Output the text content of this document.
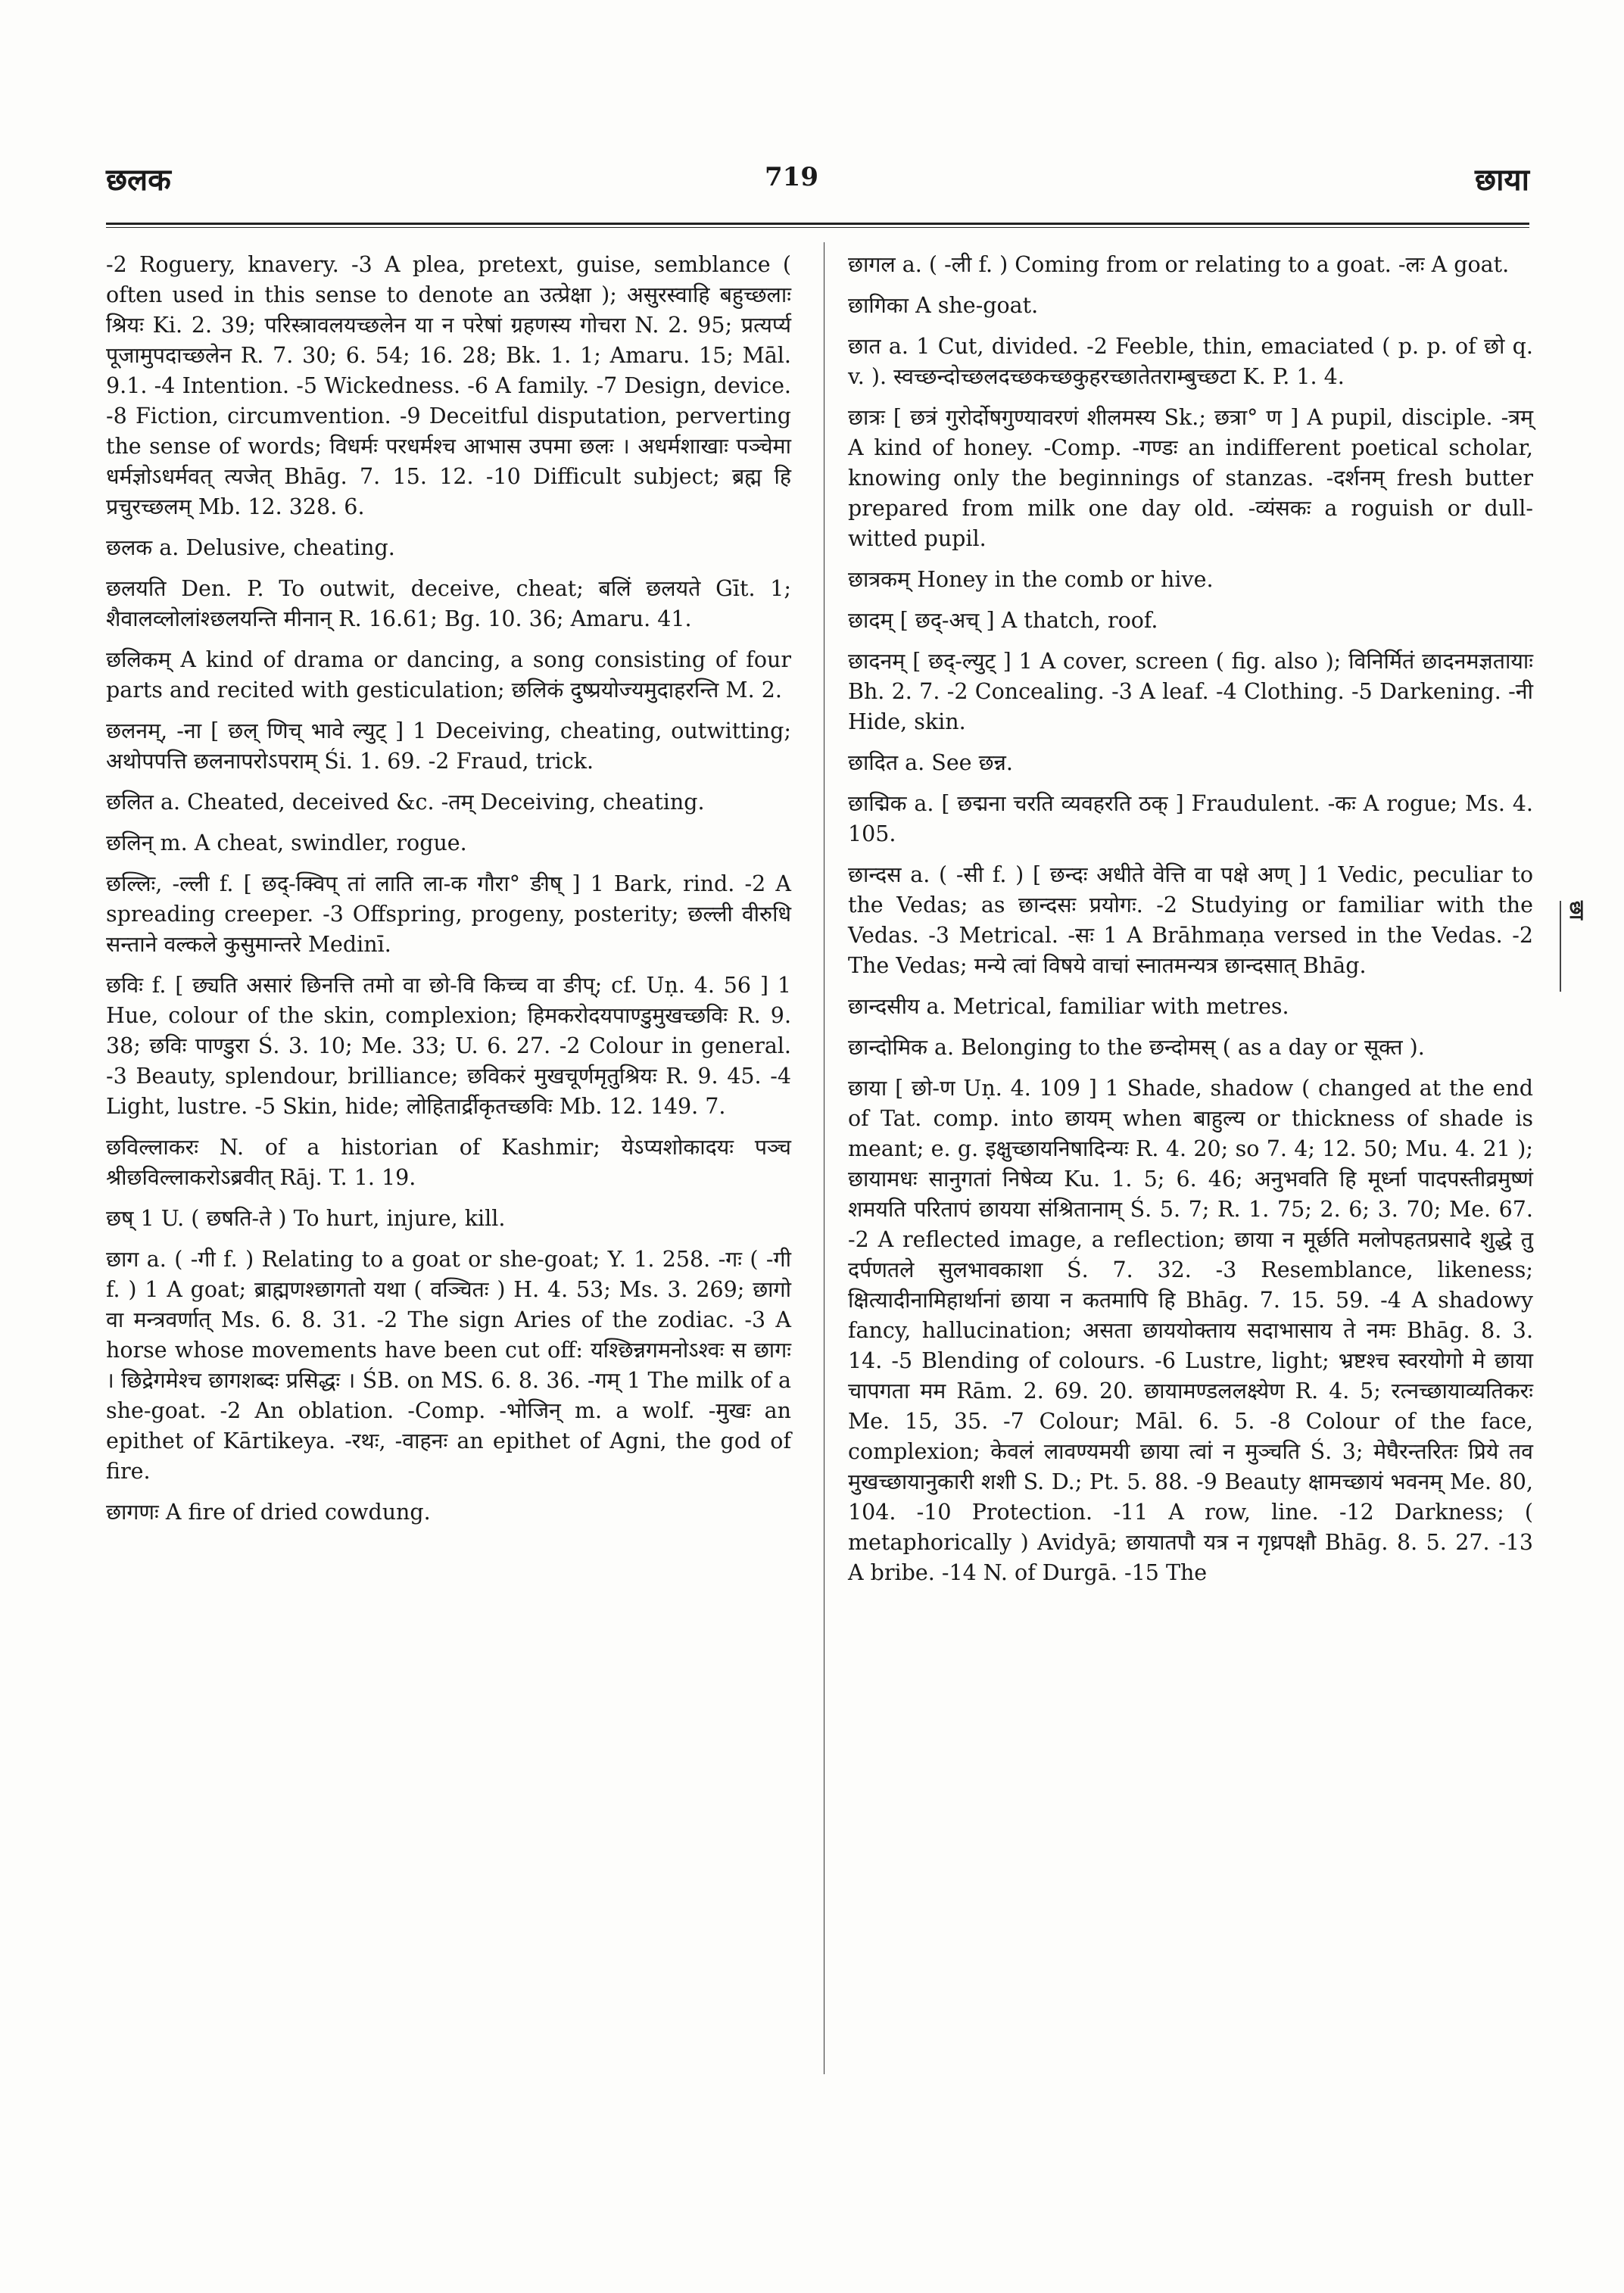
छलक	719	छाया

-2 Roguery, knavery. -3 A plea, pretext, guise, semblance ( often used in this sense to denote an उत्प्रेक्षा ); असुरस्वाहि बहुच्छलाः श्रियः Ki. 2. 39; परिस्त्रावलयच्छलेन या न परेषां ग्रहणस्य गोचरा N. 2. 95; प्रत्यर्प्य पूजामुपदाच्छलेन R. 7. 30; 6. 54; 16. 28; Bk. 1. 1; Amaru. 15; Māl. 9.1. -4 Intention. -5 Wickedness. -6 A family. -7 Design, device. -8 Fiction, circumvention. -9 Deceitful disputation, perverting the sense of words; विधर्मः परधर्मश्च आभास उपमा छलः । अधर्मशाखाः पञ्चेमा धर्मज्ञोऽधर्मवत् त्यजेत् Bhāg. 7. 15. 12. -10 Difficult subject; ब्रह्म हि प्रचुरच्छलम् Mb. 12. 328. 6.

छलक a. Delusive, cheating.

छलयति Den. P. To outwit, deceive, cheat; बलिं छलयते Gīt. 1; शैवालव्लोलांश्छलयन्ति मीनान् R. 16.61; Bg. 10. 36; Amaru. 41.

छलिकम् A kind of drama or dancing, a song consisting of four parts and recited with gesticulation; छलिकं दुष्प्रयोज्यमुदाहरन्ति M. 2.

छलनम्, -ना [ छल् णिच् भावे ल्युट् ] 1 Deceiving, cheating, outwitting; अथोपपत्ति छलनापरोऽपराम् Śi. 1. 69. -2 Fraud, trick.

छलित a. Cheated, deceived &c. -तम् Deceiving, cheating.

छलिन् m. A cheat, swindler, rogue.

छल्लिः, -ल्ली f. [ छद्-क्विप् तां लाति ला-क गौरा° ङीष् ] 1 Bark, rind. -2 A spreading creeper. -3 Offspring, progeny, posterity; छल्ली वीरुधि सन्ताने वल्कले कुसुमान्तरे Medinī.

छविः f. [ छ्यति असारं छिनत्ति तमो वा छो-वि किच्च वा ङीप्; cf. Uṇ. 4. 56 ] 1 Hue, colour of the skin, complexion; हिमकरोदयपाण्डुमुखच्छविः R. 9. 38; छविः पाण्डुरा Ś. 3. 10; Me. 33; U. 6. 27. -2 Colour in general. -3 Beauty, splendour, brilliance; छविकरं मुखचूर्णमृतुश्रियः R. 9. 45. -4 Light, lustre. -5 Skin, hide; लोहितार्द्रीकृतच्छविः Mb. 12. 149. 7.

छविल्लाकरः N. of a historian of Kashmir; येऽप्यशोकादयः पञ्च श्रीछविल्लाकरोऽब्रवीत् Rāj. T. 1. 19.

छष् 1 U. ( छषति-ते ) To hurt, injure, kill.

छाग a. ( -गी f. ) Relating to a goat or she-goat; Y. 1. 258. -गः ( -गी f. ) 1 A goat; ब्राह्मणश्छागतो यथा ( वञ्चितः ) H. 4. 53; Ms. 3. 269; छागो वा मन्त्रवर्णात् Ms. 6. 8. 31. -2 The sign Aries of the zodiac. -3 A horse whose movements have been cut off: यश्छिन्नगमनोऽश्वः स छागः । छिद्रेगमेश्च छागशब्दः प्रसिद्धः । ŚB. on MS. 6. 8. 36. -गम् 1 The milk of a she-goat. -2 An oblation. -Comp. -भोजिन् m. a wolf. -मुखः an epithet of Kārtikeya. -रथः, -वाहनः an epithet of Agni, the god of fire.

छागणः A fire of dried cowdung.

छागल a. ( -ली f. ) Coming from or relating to a goat. -लः A goat.

छागिका A she-goat.

छात a. 1 Cut, divided. -2 Feeble, thin, emaciated ( p. p. of छो q. v. ). स्वच्छन्दोच्छलदच्छकच्छकुहरच्छातेतराम्बुच्छटा K. P. 1. 4.

छात्रः [ छत्रं गुरोर्दोषगुण्यावरणं शीलमस्य Sk.; छत्रा° ण ] A pupil, disciple. -त्रम् A kind of honey. -Comp. -गण्डः an indifferent poetical scholar, knowing only the beginnings of stanzas. -दर्शनम् fresh butter prepared from milk one day old. -व्यंसकः a roguish or dull-witted pupil.

छात्रकम् Honey in the comb or hive.

छादम् [ छद्-अच् ] A thatch, roof.

छादनम् [ छद्-ल्युट् ] 1 A cover, screen ( fig. also ); विनिर्मितं छादनमज्ञतायाः Bh. 2. 7. -2 Concealing. -3 A leaf. -4 Clothing. -5 Darkening. -नी Hide, skin.

छादित a. See छन्न.

छाद्मिक a. [ छद्मना चरति व्यवहरति ठक् ] Fraudulent. -कः A rogue; Ms. 4. 105.

छान्दस a. ( -सी f. ) [ छन्दः अधीते वेत्ति वा पक्षे अण् ] 1 Vedic, peculiar to the Vedas; as छान्दसः प्रयोगः. -2 Studying or familiar with the Vedas. -3 Metrical. -सः 1 A Brāhmaṇa versed in the Vedas. -2 The Vedas; मन्ये त्वां विषये वाचां स्नातमन्यत्र छान्दसात् Bhāg.

छान्दसीय a. Metrical, familiar with metres.

छान्दोमिक a. Belonging to the छन्दोमस् ( as a day or सूक्त ).

छाया [ छो-ण Uṇ. 4. 109 ] 1 Shade, shadow ( changed at the end of Tat. comp. into छायम् when बाहुल्य or thickness of shade is meant; e. g. इक्षुच्छायनिषादिन्यः R. 4. 20; so 7. 4; 12. 50; Mu. 4. 21 ); छायामधः सानुगतां निषेव्य Ku. 1. 5; 6. 46; अनुभवति हि मूर्ध्ना पादपस्तीव्रमुष्णं शमयति परितापं छायया संश्रितानाम् Ś. 5. 7; R. 1. 75; 2. 6; 3. 70; Me. 67. -2 A reflected image, a reflection; छाया न मूर्छति मलोपहतप्रसादे शुद्धे तु दर्पणतले सुलभावकाशा Ś. 7. 32. -3 Resemblance, likeness; क्षित्यादीनामिहार्थानां छाया न कतमापि हि Bhāg. 7. 15. 59. -4 A shadowy fancy, hallucination; असता छाययोक्ताय सदाभासाय ते नमः Bhāg. 8. 3. 14. -5 Blending of colours. -6 Lustre, light; भ्रष्टश्च स्वरयोगो मे छाया चापगता मम Rām. 2. 69. 20. छायामण्डललक्ष्येण R. 4. 5; रत्नच्छायाव्यतिकरः Me. 15, 35. -7 Colour; Māl. 6. 5. -8 Colour of the face, complexion; केवलं लावण्यमयी छाया त्वां न मुञ्चति Ś. 3; मेघैरन्तरितः प्रिये तव मुखच्छायानुकारी शशी S. D.; Pt. 5. 88. -9 Beauty क्षामच्छायं भवनम् Me. 80, 104. -10 Protection. -11 A row, line. -12 Darkness; ( metaphorically ) Avidyā; छायातपौ यत्र न गृध्रपक्षौ Bhāg. 8. 5. 27. -13 A bribe. -14 N. of Durgā. -15 The

छा
